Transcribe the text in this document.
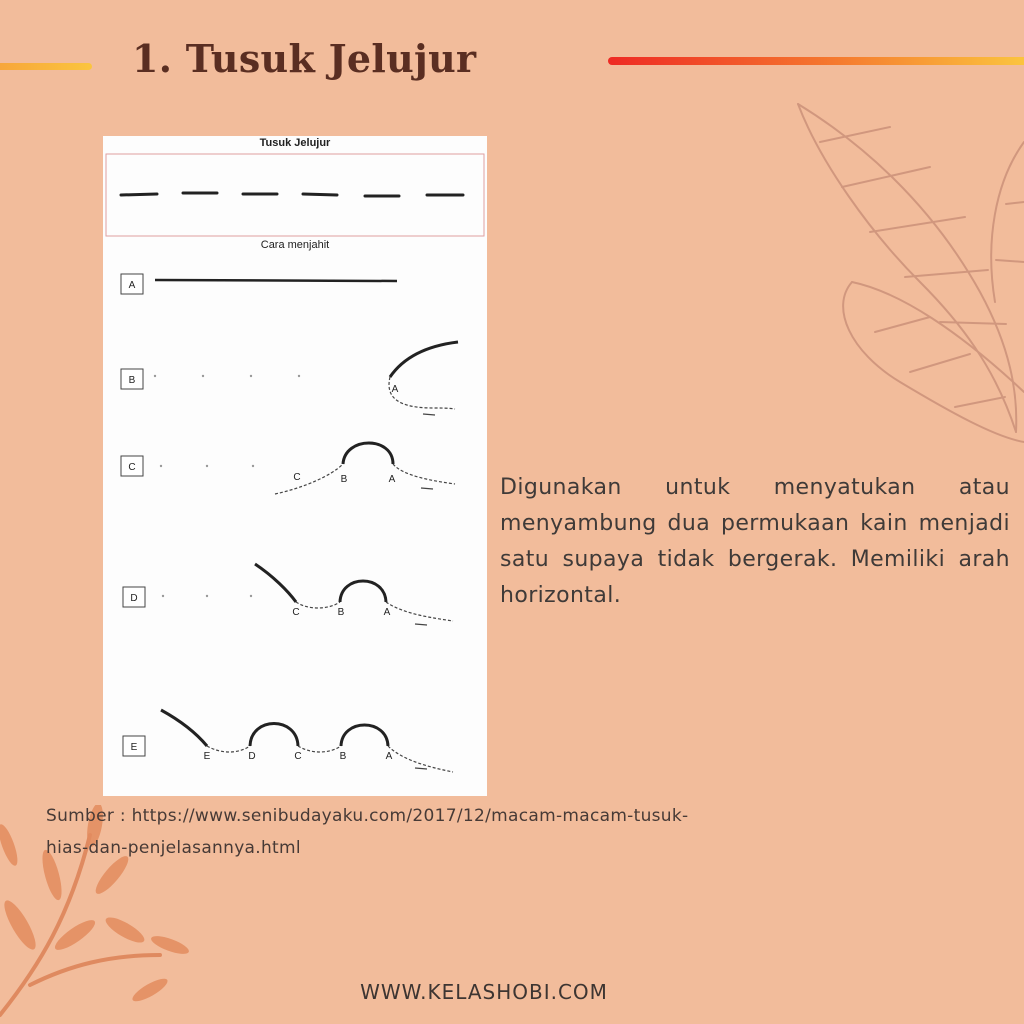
1. Tusuk Jelujur
Tusuk Jelujur
Cara menjahit
A
B
C
D
E
A
C	B	A
C	B	A
E	D	C	B	A

Digunakan untuk menyatukan atau menyambung dua permukaan kain menjadi satu supaya tidak bergerak. Memiliki arah horizontal.

Sumber : https://www.senibudayaku.com/2017/12/macam-macam-tusuk-hias-dan-penjelasannya.html

WWW.KELASHOBI.COM
